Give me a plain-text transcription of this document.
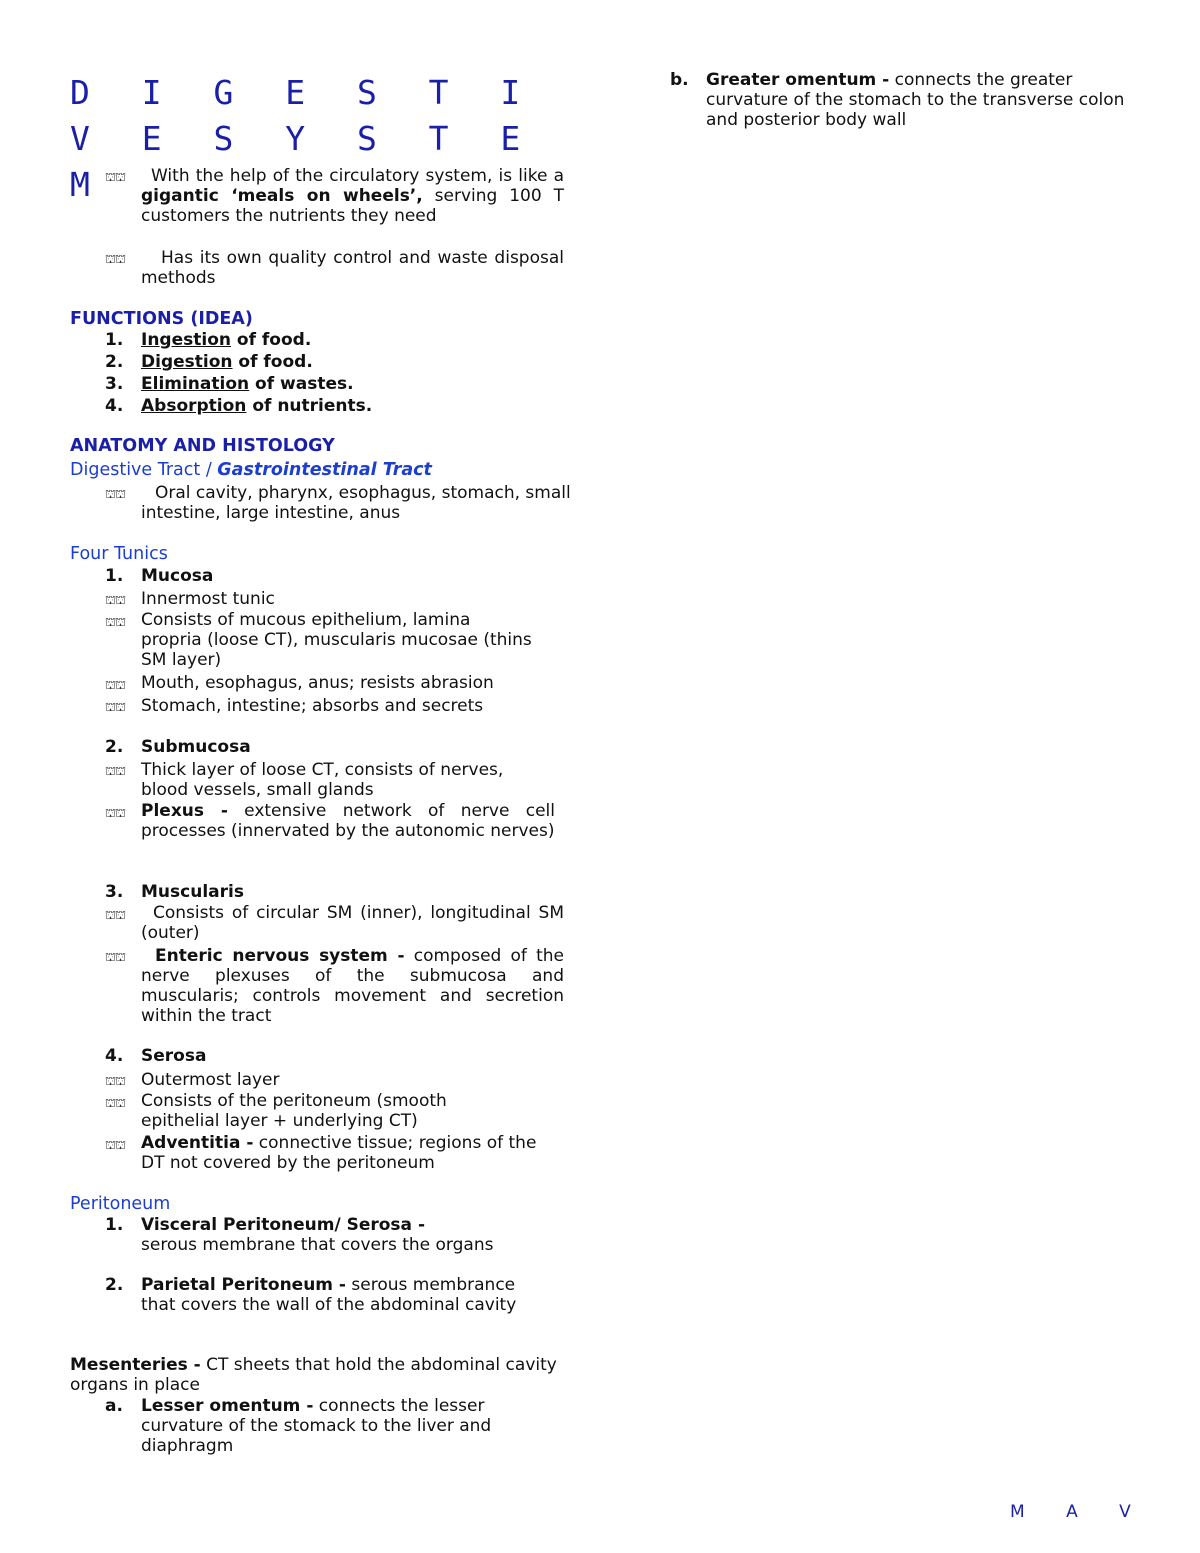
D I G E S T I V E S Y S T E M ⛫⛫	With the help of the circulatory system, is like a gigantic ‘meals on wheels’, serving 100 T customers the nutrients they need
⛫⛫	Has its own quality control and waste disposal methods
FUNCTIONS (IDEA)
1. Ingestion of food.
2. Digestion of food.
3. Elimination of wastes.
4. Absorption of nutrients.
ANATOMY AND HISTOLOGY
Digestive Tract / Gastrointestinal Tract
⛫⛫	Oral cavity, pharynx, esophagus, stomach, small intestine, large intestine, anus
Four Tunics
1. Mucosa
⛫⛫ Innermost tunic
⛫⛫ Consists of mucous epithelium, lamina propria (loose CT), muscularis mucosae (thins SM layer)
⛫⛫ Mouth, esophagus, anus; resists abrasion
⛫⛫ Stomach, intestine; absorbs and secrets
2. Submucosa
⛫⛫ Thick layer of loose CT, consists of nerves, blood vessels, small glands
⛫⛫ Plexus - extensive network of nerve cell processes (innervated by the autonomic nerves)
3. Muscularis
⛫⛫	Consists of circular SM (inner), longitudinal SM (outer)
⛫⛫	Enteric nervous system - composed of the nerve plexuses of the submucosa and muscularis; controls movement and secretion within the tract
4. Serosa
⛫⛫ Outermost layer
⛫⛫ Consists of the peritoneum (smooth epithelial layer + underlying CT)
⛫⛫ Adventitia - connective tissue; regions of the DT not covered by the peritoneum
Peritoneum
1. Visceral Peritoneum/ Serosa -
serous membrane that covers the organs
2. Parietal Peritoneum - serous membrance that covers the wall of the abdominal cavity
Mesenteries - CT sheets that hold the abdominal cavity organs in place
a. Lesser omentum - connects the lesser curvature of the stomack to the liver and diaphragm
b. Greater omentum - connects the greater curvature of the stomach to the transverse colon and posterior body wall
M A V
